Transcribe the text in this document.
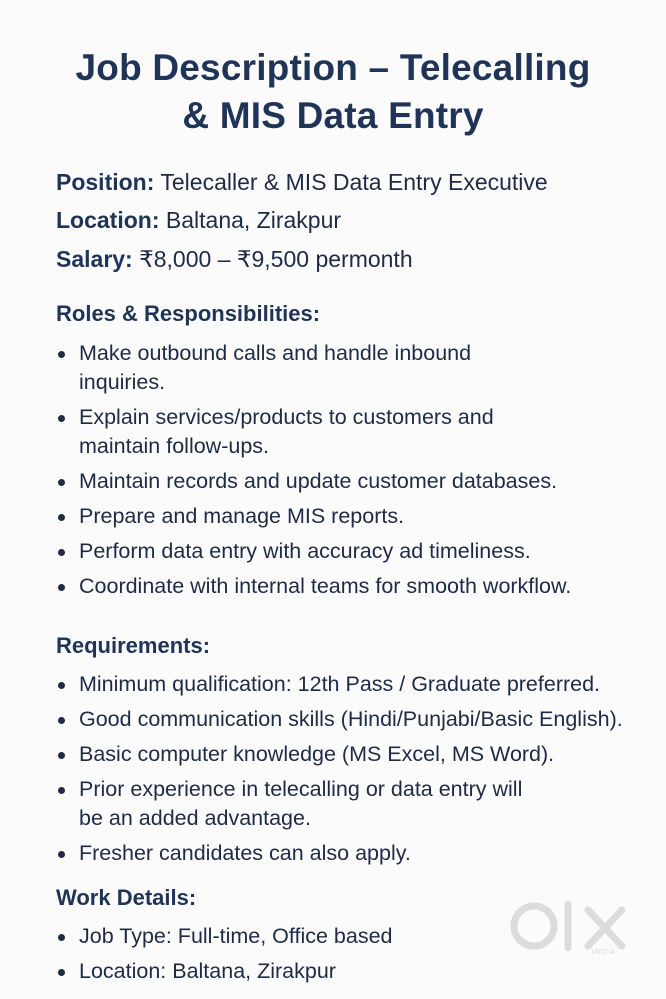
Job Description – Telecalling
& MIS Data Entry
Position: Telecaller & MIS Data Entry Executive
Location: Baltana, Zirakpur
Salary: ₹8,000 – ₹9,500 permonth
Roles & Responsibilities:
Make outbound calls and handle inbound
inquiries.
Explain services/products to customers and
maintain follow-ups.
Maintain records and update customer databases.
Prepare and manage MIS reports.
Perform data entry with accuracy ad timeliness.
Coordinate with internal teams for smooth workflow.
Requirements:
Minimum qualification: 12th Pass / Graduate preferred.
Good communication skills (Hindi/Punjabi/Basic English).
Basic computer knowledge (MS Excel, MS Word).
Prior experience in telecalling or data entry will
be an added advantage.
Fresher candidates can also apply.
Work Details:
Job Type: Full-time, Office based
Location: Baltana, Zirakpur
INDIA
